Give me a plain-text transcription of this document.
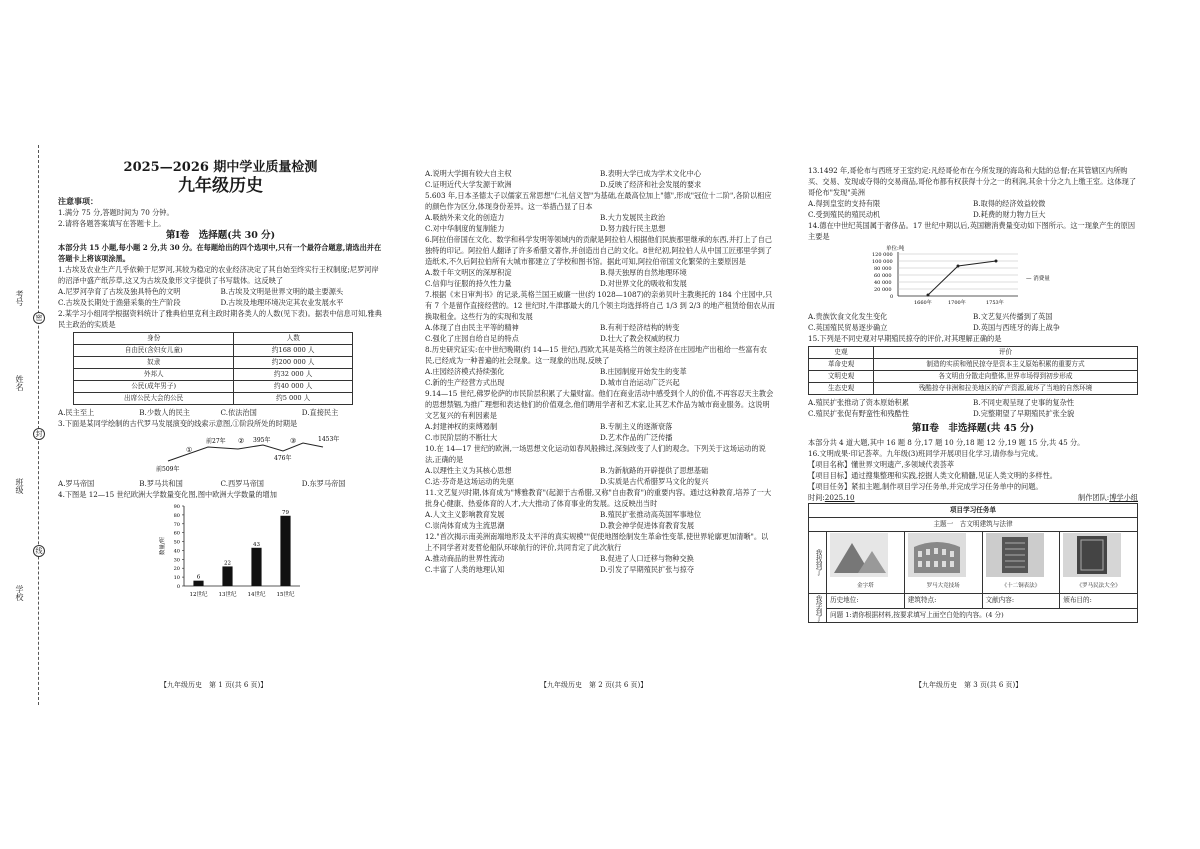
考号
姓名
班级
学校
密
封
线

2025—2026 期中学业质量检测

九年级历史

注意事项：

1.满分 75 分,答题时间为 70 分钟。

2.请将各题答案填写在答题卡上。

第Ⅰ卷　选择题(共 30 分)

本部分共 15 小题,每小题 2 分,共 30 分。在每题给出的四个选项中,只有一个最符合题意,请选出并在答题卡上将该项涂黑。

1.古埃及农业生产几乎依赖于尼罗河,其较为稳定的农业经济决定了其自始至终实行王权制度;尼罗河岸的沼泽中盛产纸莎草,这又为古埃及象形文字提供了书写载体。这反映了

A.尼罗河孕育了古埃及独具特色的文明	B.古埃及文明是世界文明的最主要源头
C.古埃及长期处于渔猎采集的生产阶段	D.古埃及地理环境决定其农业发展水平

2.某学习小组同学根据资料统计了雅典伯里克利主政时期各类人的人数(见下表)。据表中信息可知,雅典民主政治的实质是

身份	人数
自由民(含妇女儿童)	约168 000 人
奴隶	约200 000 人
外邦人	约32 000 人
公民(成年男子)	约40 000 人
出席公民大会的公民	约5 000 人
A.民主至上	B.少数人的民主	C.依法治国	D.直接民主

3.下面是某同学绘制的古代罗马发展演变的线索示意图,①阶段所处的时期是

前509年
前27年	395年
476年
1453年
①
②	③
A.罗马帝国	B.罗马共和国	C.西罗马帝国	D.东罗马帝国

4.下图是 12—15 世纪欧洲大学数量变化图,图中欧洲大学数量的增加

0
10
20
30
40
50
60
70
80
90
数量/所
6
12世纪
22
13世纪
43
14世纪
79
15世纪
【九年级历史　第 1 页(共 6 页)】
A.说明大学拥有较大自主权	B.表明大学已成为学术文化中心
C.证明近代大学发源于欧洲	D.反映了经济和社会发展的要求

5.603 年,日本圣德太子以儒家五常思想"仁礼信义智"为基础,在最高位加上"德",形成"冠位十二阶",各阶以相应的颜色作为区分,体现身份差异。这一举措凸显了日本

A.吸纳外来文化的创造力	B.大力发展民主政治
C.对中华制度的复制能力	D.努力践行民主思想

6.阿拉伯帝国在文化、数学和科学发明等领域内的贡献是阿拉伯人根据他们民族那里继承的东西,并打上了自己独特的印记。阿拉伯人翻译了许多希腊文著作,并创造出自己的文化。8世纪初,阿拉伯人从中国工匠那里学到了造纸术,不久后阿拉伯所有大城市都建立了学校和图书馆。据此可知,阿拉伯帝国文化繁荣的主要原因是

A.数千年文明区的深厚积淀	B.得天独厚的自然地理环境
C.信仰与征服的持久性力量	D.对世界文化的吸收和发展

7.根据《末日审判书》的记录,英格兰国王威廉一世(约 1028—1087)的亲弟贝叶主教奥托的 184 个庄园中,只有 7 个是留作直接经营的。12 世纪时,牛津郡最大的几个领主均选择将自己 1/3 到 2/3 的地产租赁给佃农从而换取租金。这些行为的实现和发展

A.体现了自由民主平等的精神	B.有利于经济结构的转变
C.强化了庄园自给自足的特点	D.壮大了教会权威的权力

8.历史研究证实:在中世纪晚期(约 14—15 世纪),西欧尤其是英格兰的领主经济在庄园地产出租给一些富有农民,已经成为一种普遍的社会现象。这一现象的出现,反映了

A.庄园经济模式持续强化	B.庄园制度开始发生的变革
C.新的生产经营方式出现	D.城市自治运动广泛兴起

9.14—15 世纪,佛罗伦萨的市民阶层积累了大量财富。他们在商业活动中感受到个人的价值,不再容忍天主教会的思想禁锢,为推广理想和表达他们的价值观念,他们聘用学者和艺术家,让其艺术作品为城市商业服务。这说明文艺复兴的有利因素是

A.封建神权的束缚遏制	B.专制主义的逐渐衰落
C.市民阶层的不断壮大	D.艺术作品的广泛传播

10.在 14—17 世纪的欧洲,一场思想文化运动如春风般拂过,深刻改变了人们的观念。下列关于这场运动的说法,正确的是

A.以理性主义为其核心思想	B.为新航路的开辟提供了思想基础
C.达·芬奇是这场运动的先驱	D.实质是古代希腊罗马文化的复兴

11.文艺复兴时期,体育成为"博雅教育"(起源于古希腊,又称"自由教育")的重要内容。通过这种教育,培养了一大批身心健康、热爱体育的人才,大大推动了体育事业的发展。这反映出当时

A.人文主义影响教育发展	B.殖民扩张推动高英国军事地位
C.崇尚体育成为主流思潮	D.教会神学促进体育教育发展

12."首次揭示南美洲南端地形及太平洋的真实规模""促使地图绘制发生革命性变革,使世界轮廓更加清晰"。以上不同学者对麦哲伦船队环球航行的评价,共同肯定了此次航行

A.推动商品的世界性流动	B.促进了人口迁移与物种交换
C.丰富了人类的地理认知	D.引发了早期殖民扩张与掠夺
【九年级历史　第 2 页(共 6 页)】

13.1492 年,哥伦布与西班牙王室约定:凡经哥伦布在今所发现的海岛和大陆的总督;在其管辖区内所购买、交易、发现或夺得的交易商品,哥伦布都有权获得十分之一的利润,其余十分之九上缴王室。这体现了哥伦布"发现"美洲

A.得到皇室的支持有限	B.取得的经济效益较微
C.受到殖民的殖民动机	D.耗费的财力物力巨大

14.德在中世纪英国属于奢侈品。17 世纪中期以后,英国糖消费量变动如下图所示。这一现象产生的原因主要是

单位:吨
120 000
100 000
80 000
60 000
40 000
20 000
0
1660年	1700年	1753年
— 消费量
A.贵族饮食文化发生变化	B.文艺复兴传播到了英国
C.英国殖民贸易逐步确立	D.英国与西班牙的海上战争

15.下列是不同史观对早期殖民掠夺的评价,对其理解正确的是

史观	评价
革命史观	制造的实质和殖民掠夺是资本主义原始积累的重要方式
文明史观	各文明由分散走向整体,世界市场得到初步形成
生态史观	残酷掠夺非洲和拉美地区的矿产资源,破坏了当地的自然环境
A.殖民扩张推动了资本原始积累	B.不同史观呈现了史事的复杂性
C.殖民扩张促有野蛮性和残酷性	D.完整期望了早期殖民扩张全貌

第Ⅱ卷　非选择题(共 45 分)

本部分共 4 道大题,其中 16 题 8 分,17 题 10 分,18 题 12 分,19 题 15 分,共 45 分。

16.文明成果·印记荟萃。九年级(3)班同学开展项目化学习,请你参与完成。

【项目名称】懂世界文明遗产,多领域代表荟萃

【项目目标】通过搜集整理和实践,挖掘人类文化精髓,见证人类文明的多样性。

【项目任务】紧扣主题,制作项目学习任务单,并完成学习任务单中的问题。

时间:2025.10	制作团队:博学小组
项目学习任务单				
主题一　古文明建筑与法律				
我找到了	金字塔	罗马大竞技场	《十二铜表法》	《罗马民法大全》

我学到了	历史地位:	建筑特点:	文献内容:	颁布目的:
	问题 1:请你根据材料,按要求填写上面空白处的内容。(4 分)			
【九年级历史　第 3 页(共 6 页)】
